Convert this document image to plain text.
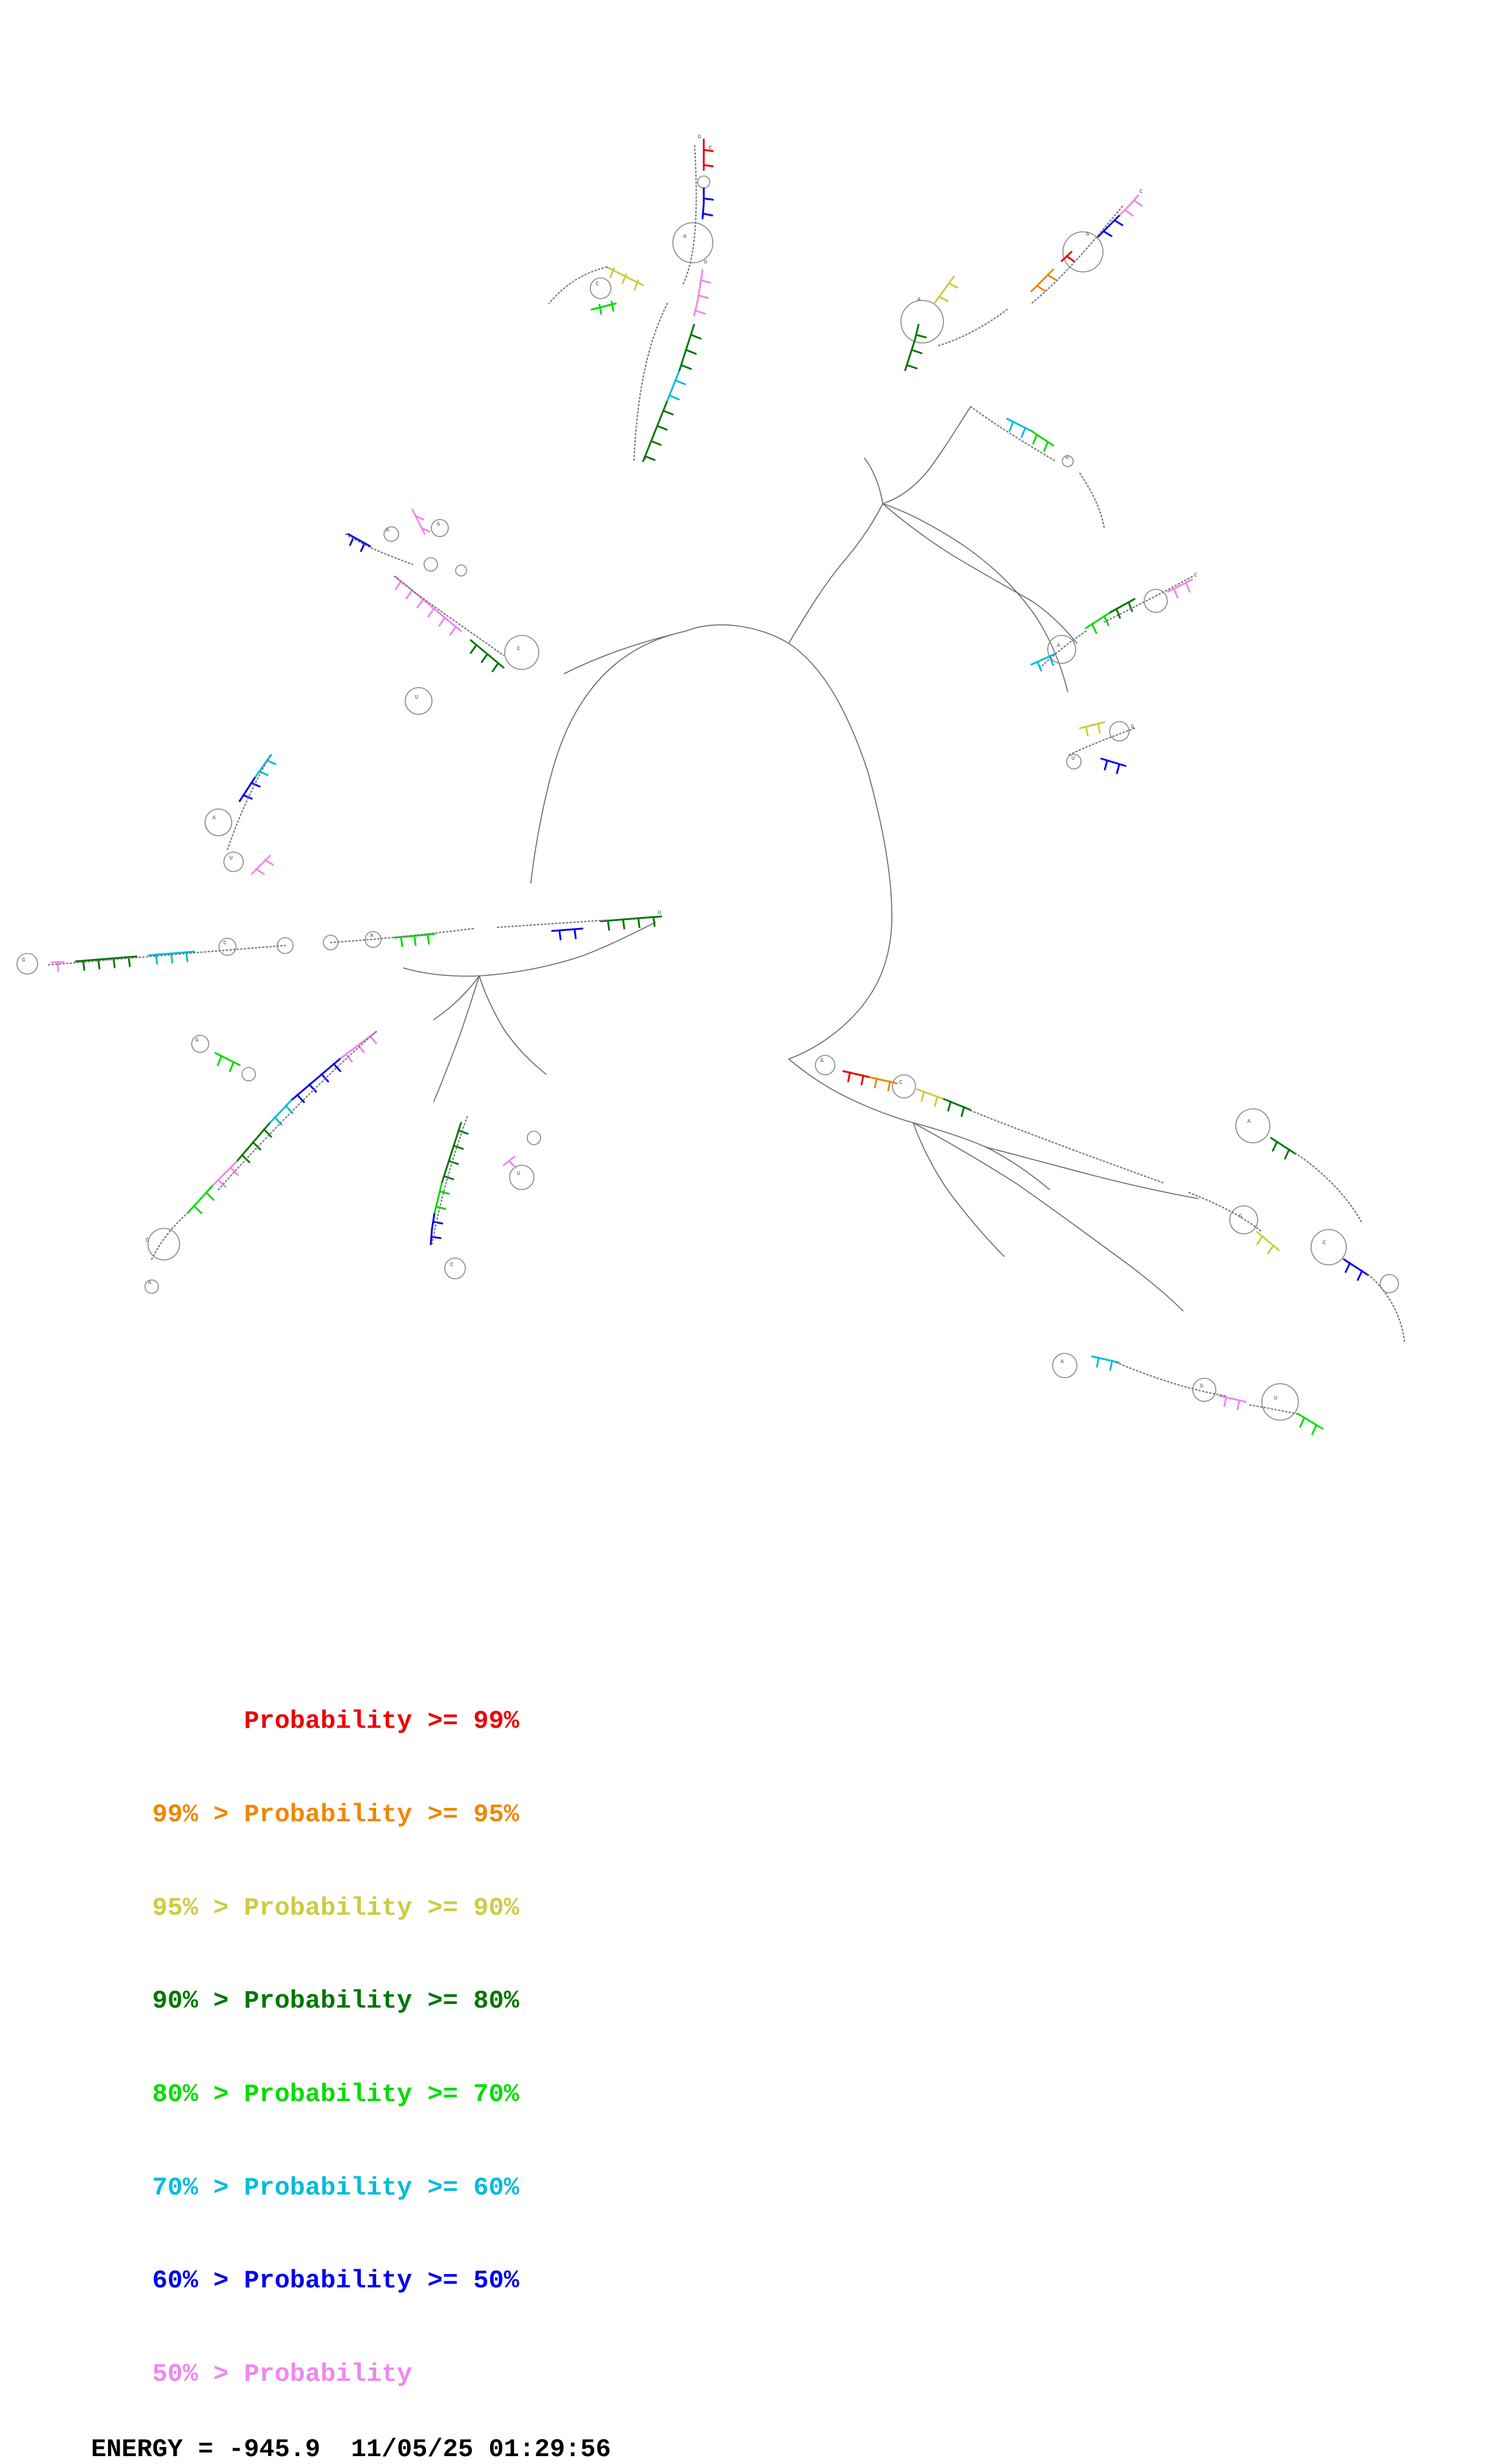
G
C
A
U
C
G
C
G
A
U
C
A
G
U
A
C
U
G
G
C
A
U
A
U
C
G
A
U
C
G
C
A
G
C
U
A
G

Probability >= 99%

99% > Probability >= 95%

95% > Probability >= 90%

90% > Probability >= 80%

80% > Probability >= 70%

70% > Probability >= 60%

60% > Probability >= 50%

50% > Probability

ENERGY = -945.9  11/05/25 01:29:56
